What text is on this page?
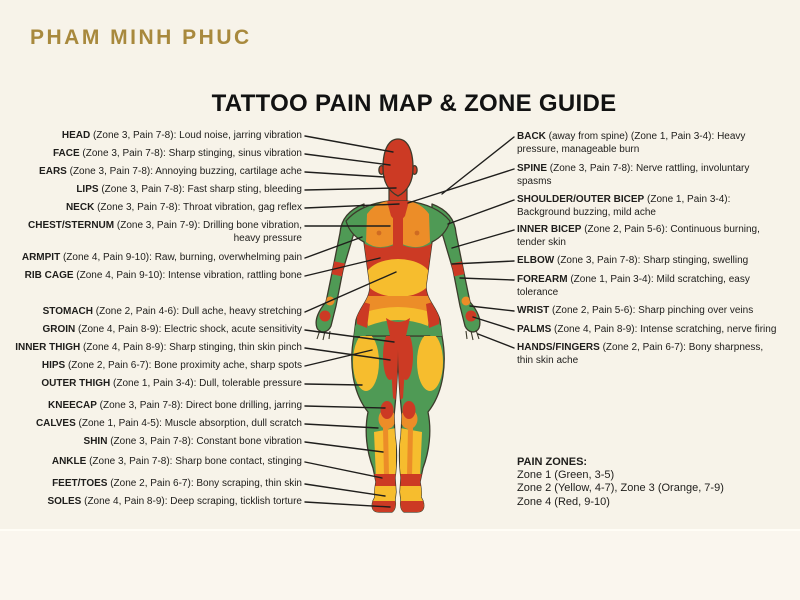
PHAM MINH PHUC
TATTOO PAIN MAP & ZONE GUIDE
HEAD (Zone 3, Pain 7-8): Loud noise, jarring vibration
FACE (Zone 3, Pain 7-8): Sharp stinging, sinus vibration
EARS (Zone 3, Pain 7-8): Annoying buzzing, cartilage ache
LIPS (Zone 3, Pain 7-8): Fast sharp sting, bleeding
NECK (Zone 3, Pain 7-8): Throat vibration, gag reflex
CHEST/STERNUM (Zone 3, Pain 7-9): Drilling bone vibration,
heavy pressure
ARMPIT (Zone 4, Pain 9-10): Raw, burning, overwhelming pain
RIB CAGE (Zone 4, Pain 9-10): Intense vibration, rattling bone
STOMACH (Zone 2, Pain 4-6): Dull ache, heavy stretching
GROIN (Zone 4, Pain 8-9): Electric shock, acute sensitivity
INNER THIGH (Zone 4, Pain 8-9): Sharp stinging, thin skin pinch
HIPS (Zone 2, Pain 6-7): Bone proximity ache, sharp spots
OUTER THIGH (Zone 1, Pain 3-4): Dull, tolerable pressure
KNEECAP (Zone 3, Pain 7-8): Direct bone drilling, jarring
CALVES (Zone 1, Pain 4-5): Muscle absorption, dull scratch
SHIN (Zone 3, Pain 7-8): Constant bone vibration
ANKLE (Zone 3, Pain 7-8): Sharp bone contact, stinging
FEET/TOES (Zone 2, Pain 6-7): Bony scraping, thin skin
SOLES (Zone 4, Pain 8-9): Deep scraping, ticklish torture
BACK (away from spine) (Zone 1, Pain 3-4): Heavy
pressure, manageable burn
SPINE (Zone 3, Pain 7-8): Nerve rattling, involuntary
spasms
SHOULDER/OUTER BICEP (Zone 1, Pain 3-4):
Background buzzing, mild ache
INNER BICEP (Zone 2, Pain 5-6): Continuous burning,
tender skin
ELBOW (Zone 3, Pain 7-8): Sharp stinging, swelling
FOREARM (Zone 1, Pain 3-4): Mild scratching, easy
tolerance
WRIST (Zone 2, Pain 5-6): Sharp pinching over veins
PALMS (Zone 4, Pain 8-9): Intense scratching, nerve firing
HANDS/FINGERS (Zone 2, Pain 6-7): Bony sharpness,
thin skin ache
PAIN ZONES:
Zone 1 (Green, 3-5)
Zone 2 (Yellow, 4-7), Zone 3 (Orange, 7-9)
Zone 4 (Red, 9-10)
